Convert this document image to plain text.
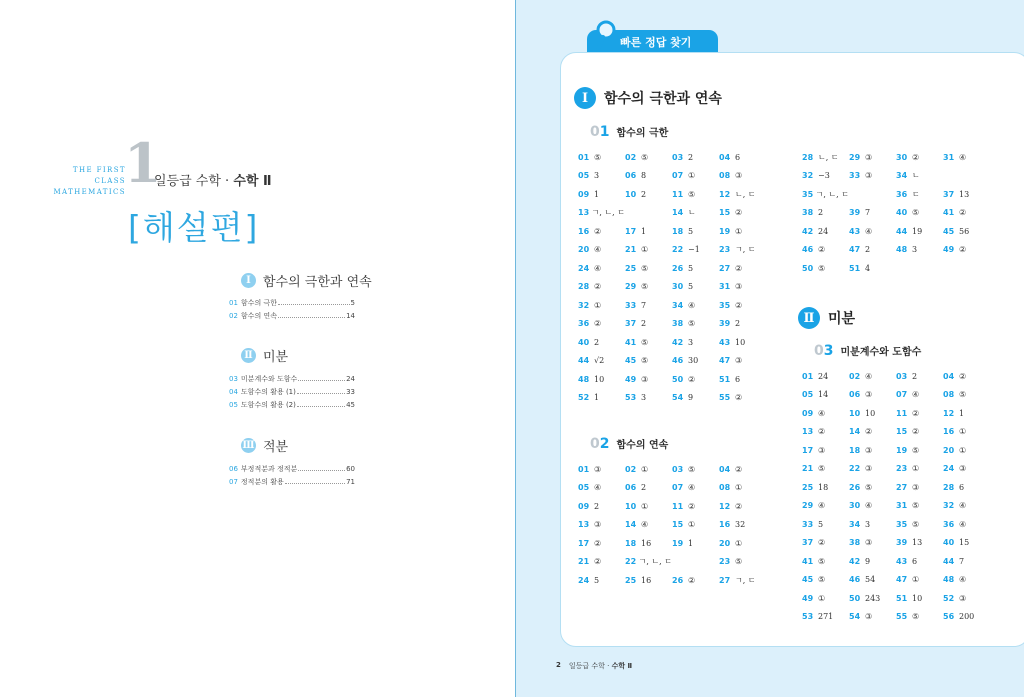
THE FIRST CLASS
MATHEMATICS
1
일등급 수학 · 수학 Ⅱ
[해설편]
Ⅰ 함수의 극한과 연속
01 함수의 극한	5
02 함수의 연속	14
Ⅱ 미분
03 미분계수와 도함수	24
04 도함수의 활용 (1)	33
05 도함수의 활용 (2)	45
Ⅲ 적분
06 부정적분과 정적분	60
07 정적분의 활용	71
빠른 정답 찾기
Ⅰ	함수의 극한과 연속
01 함수의 극한
01 ⑤	02 ⑤	03 2	04 6
05 3	06 8	07 ①	08 ③
09 1	10 2	11 ⑤	12 ㄴ, ㄷ
13 ㄱ, ㄴ, ㄷ	14 ㄴ	15 ②
16 ②	17 1	18 5	19 ①
20 ④	21 ①	22 −1 23 ㄱ, ㄷ
24 ④	25 ⑤	26 5	27 ②
28 ②	29 ⑤	30 5	31 ③
32 ①	33 7	34 ④	35 ②
36 ②	37 2	38 ⑤	39 2
40 2	41 ⑤	42 3	43 10
44 √2	45 ⑤	46 30	47 ③
48 10	49 ③	50 ②	51 6
52 1	53 3	54 9	55 ②
28 ㄴ, ㄷ 29 ③	30 ②	31 ④
32 −3 33 ③	34 ㄴ
35 ㄱ, ㄴ, ㄷ	36 ㄷ	37 13
38 2	39 7	40 ⑤	41 ②
42 24	43 ④	44 19	45 56
46 ②	47 2	48 3	49 ②
50 ⑤	51 4
Ⅱ 미분
03 미분계수와 도함수
01 24	02 ④	03 2	04 ②
05 14	06 ③	07 ④	08 ⑤
09 ④	10 10	11 ②	12 1
13 ②	14 ②	15 ②	16 ①
17 ③	18 ③	19 ⑤	20 ①
21 ⑤	22 ③	23 ①	24 ③
25 18	26 ⑤	27 ③	28 6
29 ④	30 ④	31 ⑤	32 ④
33 5	34 3	35 ⑤	36 ④
37 ②	38 ③	39 13	40 15
41 ⑤	42 9	43 6	44 7
45 ⑤	46 54	47 ①	48 ④
49 ①	50 243 51 10	52 ③
53 271 54 ③	55 ⑤	56 200
02 함수의 연속
01 ③	02 ①	03 ⑤	04 ②
05 ④	06 2	07 ④	08 ①
09 2	10 ①	11 ②	12 ②
13 ③	14 ④	15 ①	16 32
17 ②	18 16	19 1	20 ①
21 ②	22 ㄱ, ㄴ, ㄷ	23 ⑤
24 5	25 16	26 ②	27 ㄱ, ㄷ
2 일등급 수학 · 수학 Ⅱ
